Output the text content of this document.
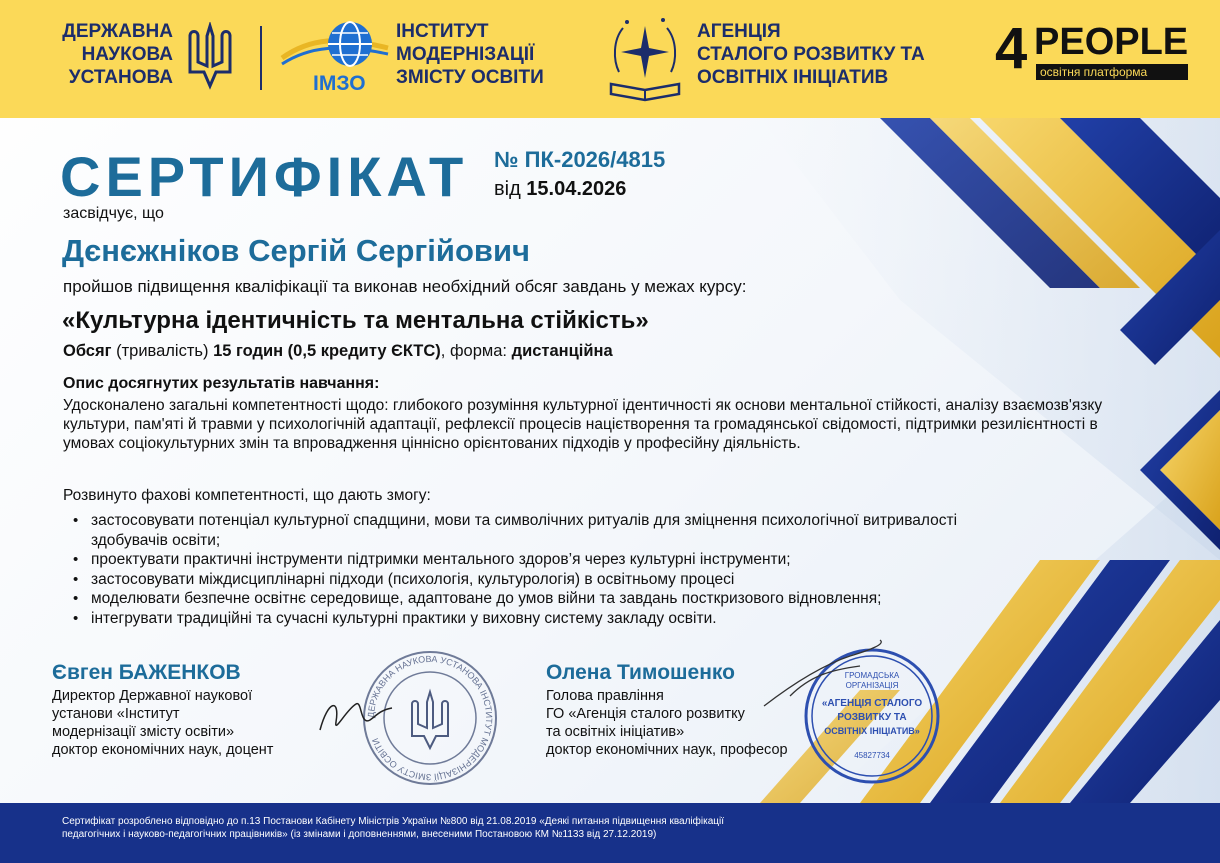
ДЕРЖАВНА
НАУКОВА
УСТАНОВА	ІМЗО
ІНСТИТУТ
МОДЕРНІЗАЦІЇ
ЗМІСТУ ОСВІТИ
АГЕНЦІЯ
СТАЛОГО РОЗВИТКУ ТА
ОСВІТНІХ ІНІЦІАТИВ	4 PEOPLE
освітня платформа
СЕРТИФІКАТ № ПК-2026/4815
від 15.04.2026
засвідчує, що
Дєнєжніков Сергій Сергійович
пройшов підвищення кваліфікації та виконав необхідний обсяг завдань у межах курсу:
«Культурна ідентичність та ментальна стійкість»
Обсяг (тривалість) 15 годин (0,5 кредиту ЄКТС), форма: дистанційна
Опис досягнутих результатів навчання:
Удосконалено загальні компетентності щодо: глибокого розуміння культурної ідентичності як основи ментальної стійкості, аналізу взаємозв'язку культури, пам'яті й травми у психологічній адаптації, рефлексії процесів націєтворення та громадянської свідомості, підтримки резилієнтності в умовах соціокультурних змін та впровадження ціннісно орієнтованих підходів у професійну діяльність.
Розвинуто фахові компетентності, що дають змогу:
• застосовувати потенціал культурної спадщини, мови та символічних ритуалів для зміцнення психологічної витривалості здобувачів освіти;
• проектувати практичні інструменти підтримки ментального здоров’я через культурні інструменти;
• застосовувати міждисциплінарні підходи (психологія, культурологія) в освітньому процесі
• моделювати безпечне освітнє середовище, адаптоване до умов війни та завдань посткризового відновлення;
• інтегрувати традиційні та сучасні культурні практики у виховну систему закладу освіти.
ДЕРЖАВНА НАУКОВА УСТАНОВА ІНСТИТУТ МОДЕРНІЗАЦІЇ ЗМІСТУ ОСВІТИ
ГРОМАДСЬКА
ОРГАНІЗАЦІЯ
«АГЕНЦІЯ СТАЛОГО
РОЗВИТКУ ТА
ОСВІТНІХ ІНІЦІАТИВ»
45827734
Євген БАЖЕНКОВ
Директор Державної наукової
установи «Інститут
модернізації змісту освіти»
доктор економічних наук, доцент
Олена Тимошенко
Голова правління
ГО «Агенція сталого розвитку
та освітніх ініціатив»
доктор економічних наук, професор
Сертифікат розроблено відповідно до п.13 Постанови Кабінету Міністрів України №800 від 21.08.2019 «Деякі питання підвищення кваліфікації
педагогічних і науково-педагогічних працівників» (із змінами і доповненнями, внесеними Постановою КМ №1133 від 27.12.2019)
